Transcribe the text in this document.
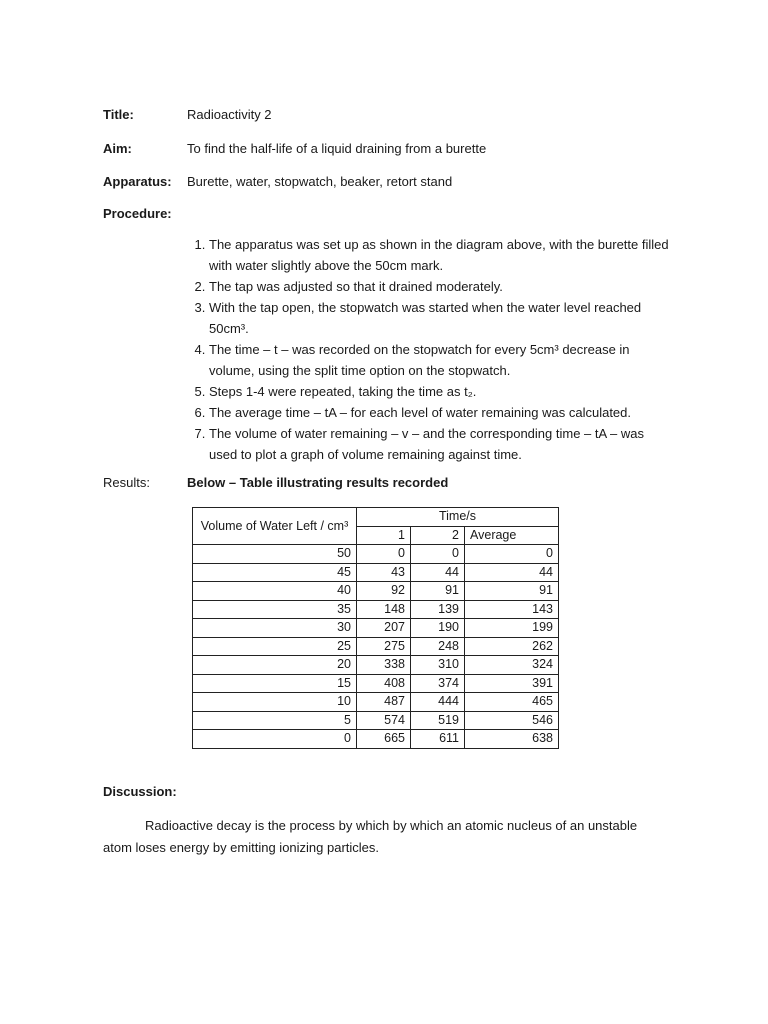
Title:	Radioactivity 2
Aim:	To find the half-life of a liquid draining from a burette
Apparatus: Burette, water, stopwatch, beaker, retort stand
Procedure:
1. The apparatus was set up as shown in the diagram above, with the burette filled with water slightly above the 50cm mark.
2. The tap was adjusted so that it drained moderately.
3. With the tap open, the stopwatch was started when the water level reached 50cm³.
4. The time – t – was recorded on the stopwatch for every 5cm³ decrease in volume, using the split time option on the stopwatch.
5. Steps 1-4 were repeated, taking the time as t₂.
6. The average time – tA – for each level of water remaining was calculated.
7. The volume of water remaining – v – and the corresponding time – tA – was used to plot a graph of volume remaining against time.
Results:	Below – Table illustrating results recorded
Volume of Water Left / cm³	Time/s		
	1	2	Average
50	0	0	0
45	43	44	44
40	92	91	91
35	148	139	143
30	207	190	199
25	275	248	262
20	338	310	324
15	408	374	391
10	487	444	465
5	574	519	546
0	665	611	638
Discussion:

Radioactive decay is the process by which by which an atomic nucleus of an unstable atom loses energy by emitting ionizing particles.
